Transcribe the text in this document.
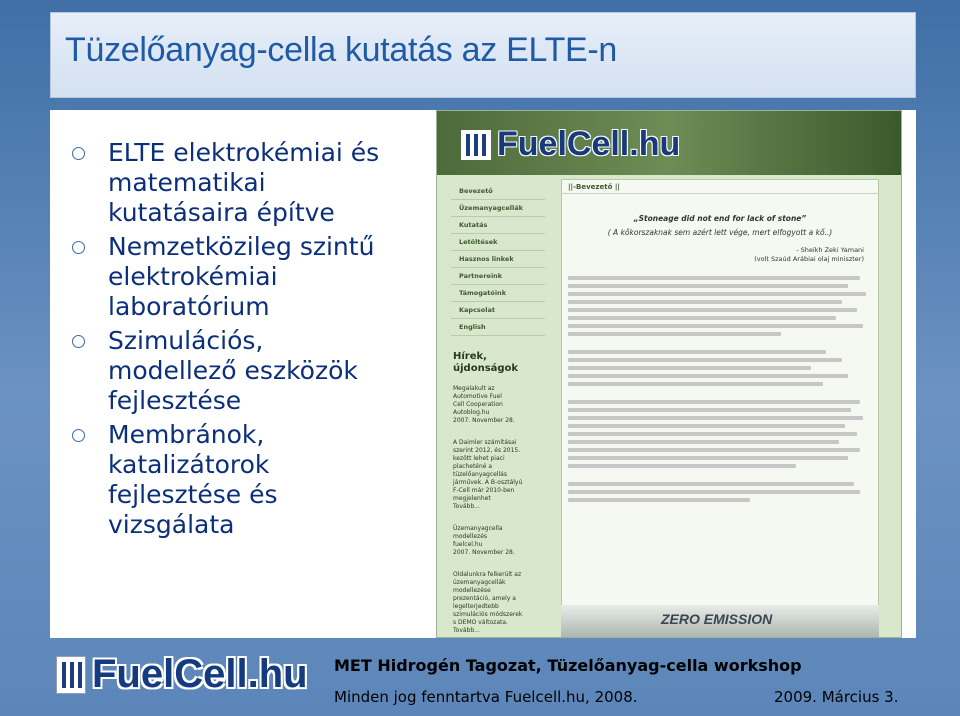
Tüzelőanyag-cella kutatás az ELTE-n
ELTE elektrokémiai és
matematikai
kutatásaira építve
Nemzetközileg szintű
elektrokémiai
laboratórium
Szimulációs,
modellező eszközök
fejlesztése
Membránok,
katalizátorok
fejlesztése és
vizsgálata
FuelCell.hu
Bevezető
Üzemanyagcellák
Kutatás
Letöltések
Hasznos linkek
Partnereink
Támogatóink
Kapcsolat
English
Hírek,
újdonságok

Megalakult az
Automotive Fuel
Cell Cooperation
Autoblog.hu
2007. November 28.

A Daimler számításai
szerint 2012, és 2015.
kezött lehet piaci
placheténé a
tüzelőanyagcellás
járművek. A B-osztályú
F-Cell már 2010-ben
megjelenhet
Tovább...

Üzemanyagcella
modellezés
fuelcel.hu
2007. November 28.

Oldalunkra felkerült az
üzemanyagcellák
modellezése
prezentáció, amely a
legelterjedtebb
szimulációs módszerek
s DEMO változata.
Tovább...

||-Bevezető ||
„Stoneage did not end for lack of stone”
( A kőkorszaknak sem azért lett vége, mert elfogyott a kő..)
- Sheikh Zeki Yamani
(volt Szaúd Arábiai olaj miniszter)
ZERO EMISSION
FuelCell.hu MET Hidrogén Tagozat, Tüzelőanyag-cella workshop
Minden jog fenntartva Fuelcell.hu, 2008.	2009. Március 3.
